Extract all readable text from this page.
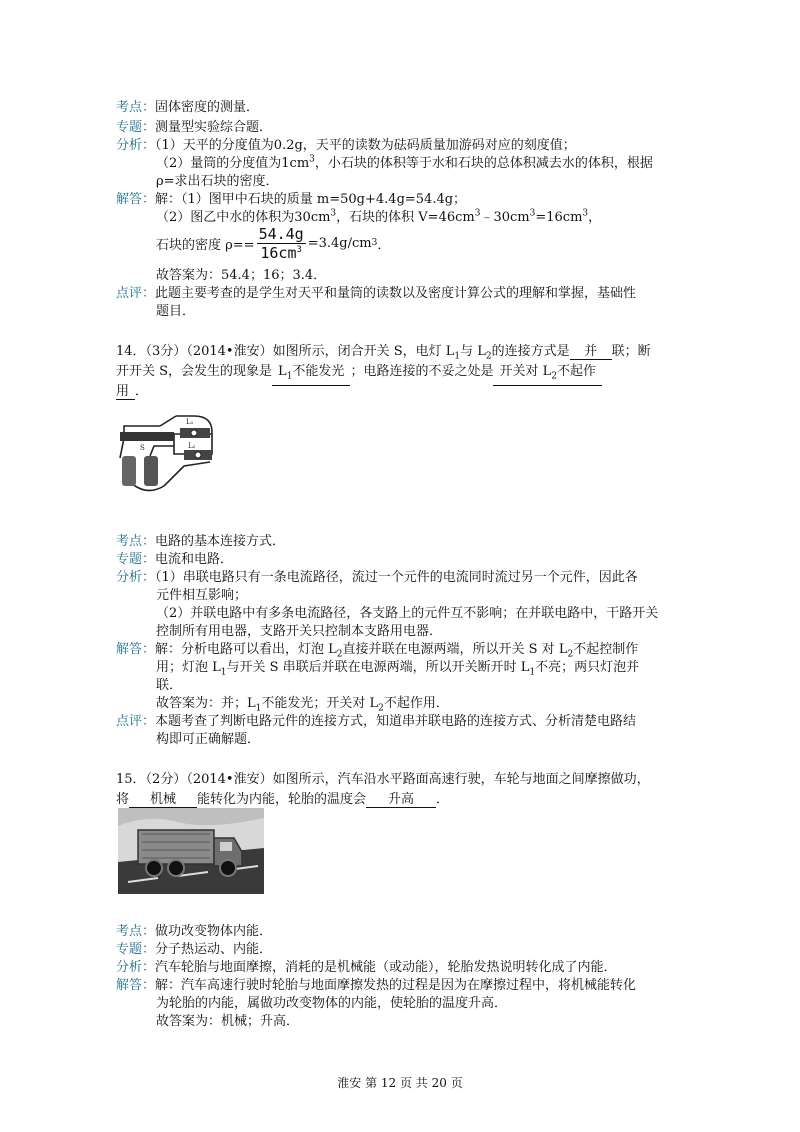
考点：固体密度的测量．
专题：测量型实验综合题．
分析：（1）天平的分度值为0.2g，天平的读数为砝码质量加游码对应的刻度值；
（2）量筒的分度值为$1cm^3$，小石块的体积等于水和石块的总体积减去水的体积，根据
ρ=求出石块的密度．
解答：解：（1）图甲中石块的质量 m=50g+4.4g=54.4g；
（2）图乙中水的体积为$30cm^3$，石块的体积 $V=46cm^3﹣30cm^3=16cm^3$，
石块的密度 $\rho== \frac{54.4g}{16cm^3} =3.4g/cm$ 3 ．
故答案为：54.4；16；3.4．
点评：此题主要考查的是学生对天平和量筒的读数以及密度计算公式的理解和掌握，基础性
题目．
14．（3分）（2014•淮安）如图所示，闭合开关 S，电灯 $L_1$与 $L_2$的连接方式是 并 联；断
开开关 S，会发生的现象是 $L_1$不能发光 ；电路连接的不妥之处是 开关对 $L_2$不起作
用 ．
L₁
L₂
S
考点：电路的基本连接方式．
专题：电流和电路．
分析：（1）串联电路只有一条电流路径，流过一个元件的电流同时流过另一个元件，因此各
元件相互影响；
（2）并联电路中有多条电流路径，各支路上的元件互不影响；在并联电路中，干路开关
控制所有用电器，支路开关只控制本支路用电器．
解答：解：分析电路可以看出，灯泡 $L_2$直接并联在电源两端，所以开关 S 对 $L_2$不起控制作
用；灯泡 $L_1$与开关 S 串联后并联在电源两端，所以开关断开时 $L_1$不亮；两只灯泡并
联．
故答案为：并；$L_1$不能发光；开关对 $L_2$不起作用．
点评：本题考查了判断电路元件的连接方式，知道串并联电路的连接方式、分析清楚电路结
构即可正确解题．
15．（2分）（2014•淮安）如图所示，汽车沿水平路面高速行驶，车轮与地面之间摩擦做功，
将 机械 能转化为内能，轮胎的温度会 升高 ．
考点：做功改变物体内能．
专题：分子热运动、内能．
分析：汽车轮胎与地面摩擦，消耗的是机械能（或动能），轮胎发热说明转化成了内能．
解答：解：汽车高速行驶时轮胎与地面摩擦发热的过程是因为在摩擦过程中，将机械能转化
为轮胎的内能，属做功改变物体的内能，使轮胎的温度升高．
故答案为：机械；升高．
淮安 第 12 页 共 20 页
